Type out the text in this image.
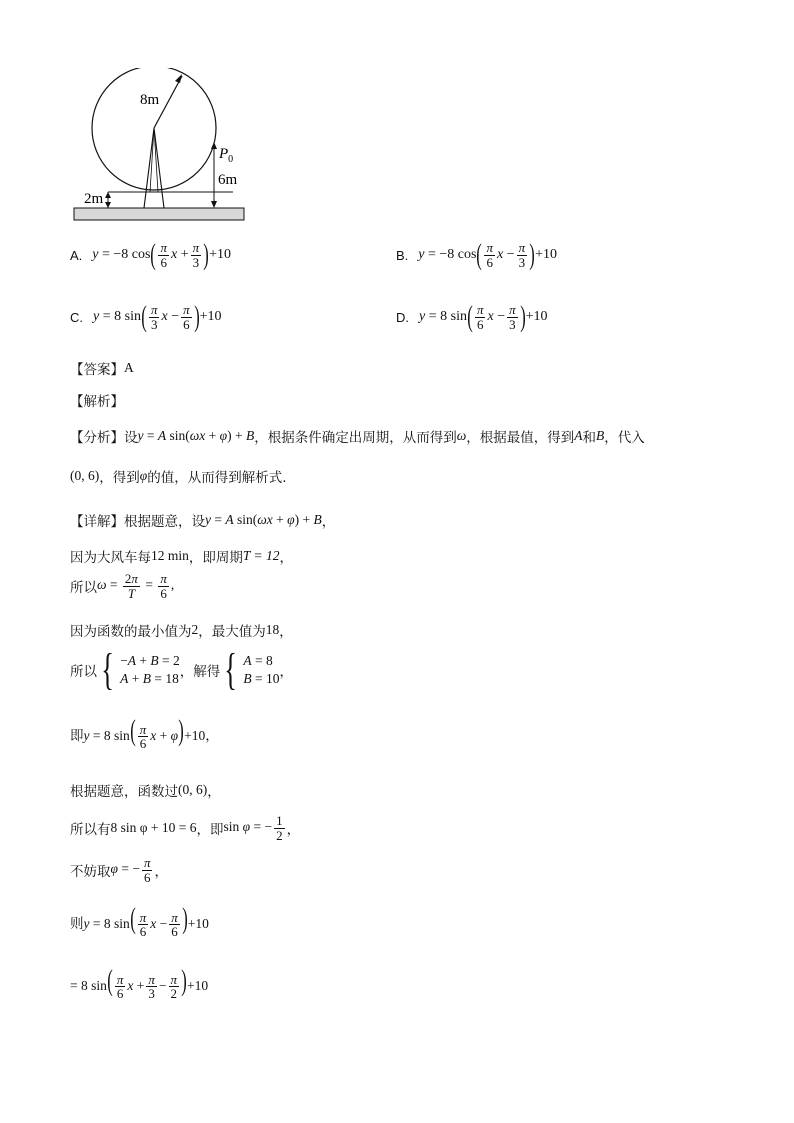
8m
$P_0$
6m
2m
A. y = −8 cos ( $\frac{\pi}{6}$ $x + \frac{\pi}{3}$ ) +10	B. y = −8 cos ( $\frac{\pi}{6}$ $x - \frac{\pi}{3}$ ) +10
C. y = 8 sin ( $\frac{\pi}{3}$ $x - \frac{\pi}{6}$ ) +10	D. y = 8 sin ( $\frac{\pi}{6}$ $x - \frac{\pi}{3}$ ) +10
【答案】 A
【解析】
【分析】 设 y = A sin(ωx + φ) + B ，根据条件确定出周期，从而得到 ω ，根据最值，得到 A 和 B ，代入
(0, 6) ，得到 φ 的值，从而得到解析式.
【详解】 根据题意，设 y = A sin(ωx + φ) + B ，
因为大风车每 12 min ，即周期 T = 12 ，
所以 $\omega = \frac{2\pi}{T} = \frac{\pi}{6}$ ,
因为函数的最小值为 2 ，最大值为 18 ，
所以 { −A + B = 2
A + B = 18 ，解得 { A = 8
B = 10 ，
即 y = 8 $\sin( \frac{\pi}{6}$ x + φ)+10 ，
根据题意，函数过 (0, 6) ，
所以有 8 sin φ + 10 = 6 ，即 sin φ = − $\frac{1}{2}$ ，
不妨取 φ = − $\frac{\pi}{6}$ ，
则 y = 8 $\sin( \frac{\pi}{6}$ $x - \frac{\pi}{6} )+10$
= 8 $\sin( \frac{\pi}{6}$ $x + \frac{\pi}{3} - \frac{\pi}{2} )+10$
